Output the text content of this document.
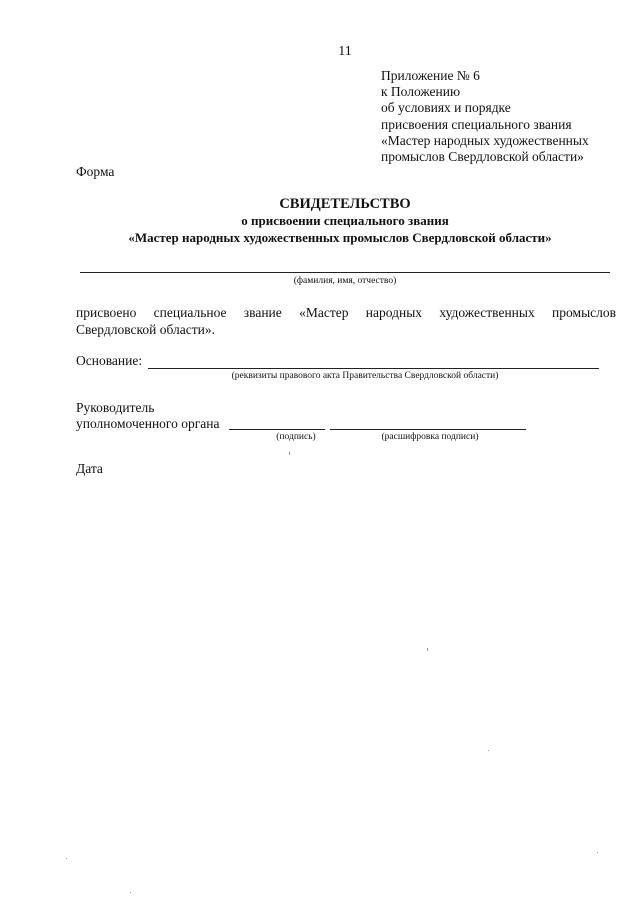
11
Приложение № 6
к Положению
об условиях и порядке
присвоения специального звания
«Мастер народных художественных
промыслов Свердловской области»
Форма
СВИДЕТЕЛЬСТВО
о присвоении специального звания
«Мастер народных художественных промыслов Свердловской области»
(фамилия, имя, отчество)
присвоено специальное звание «Мастер народных художественных промыслов
Свердловской области».
Основание:
(реквизиты правового акта Правительства Свердловской области)
Руководитель
уполномоченного органа
(подпись)	(расшифровка подписи)
Дата
